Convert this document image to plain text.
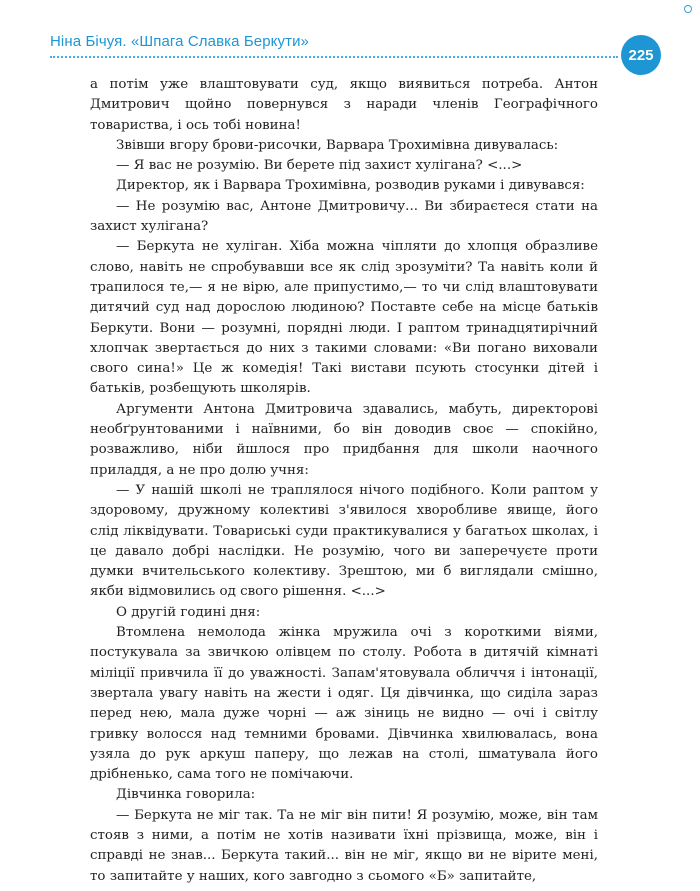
Ніна Бічуя. «Шпага Славка Беркути»
225

а потім уже влаштовувати суд, якщо виявиться потреба. Антон Дмитрович щойно повернувся з наради членів Географічного товариства, і ось тобі новина!

Звівши вгору брови-рисочки, Варвара Трохимівна дивувалась:

— Я вас не розумію. Ви берете під захист хулігана? <...>

Директор, як і Варвара Трохимівна, розводив руками і дивувався:

— Не розумію вас, Антоне Дмитровичу... Ви збираєтеся стати на захист хулігана?

— Беркута не хуліган. Хіба можна чіпляти до хлопця образливе слово, навіть не спробувавши все як слід зрозуміти? Та навіть коли й трапилося те,— я не вірю, але припустимо,— то чи слід влаштовувати дитячий суд над дорослою людиною? Поставте себе на місце батьків Беркути. Вони — розумні, порядні люди. І раптом тринадцятирічний хлопчак звертається до них з такими словами: «Ви погано виховали свого сина!» Це ж комедія! Такі вистави псують стосунки дітей і батьків, розбещують школярів.

Аргументи Антона Дмитровича здавались, мабуть, директорові необґрунтованими і наївними, бо він доводив своє — спокійно, розважливо, ніби йшлося про придбання для школи наочного приладдя, а не про долю учня:

— У нашій школі не траплялося нічого подібного. Коли раптом у здоровому, дружному колективі з'явилося хворобливе явище, його слід ліквідувати. Товариські суди практикувалися у багатьох школах, і це давало добрі наслідки. Не розумію, чого ви заперечуєте проти думки вчительського колективу. Зрештою, ми б виглядали смішно, якби відмовились од свого рішення. <...>

О другій годині дня:

Втомлена немолода жінка мружила очі з короткими віями, постукувала за звичкою олівцем по столу. Робота в дитячій кімнаті міліції привчила її до уважності. Запам'ятовувала обличчя і інтонації, звертала увагу навіть на жести і одяг. Ця дівчинка, що сиділа зараз перед нею, мала дуже чорні — аж зіниць не видно — очі і світлу гривку волосся над темними бровами. Дівчинка хвилювалась, вона узяла до рук аркуш паперу, що лежав на столі, шматувала його дрібненько, сама того не помічаючи.

Дівчинка говорила:

— Беркута не міг так. Та не міг він пити! Я розумію, може, він там стояв з ними, а потім не хотів називати їхні прізвища, може, він і справді не знав... Беркута такий... він не міг, якщо ви не вірите мені, то запитайте у наших, кого завгодно з сьомого «Б» запитайте,
